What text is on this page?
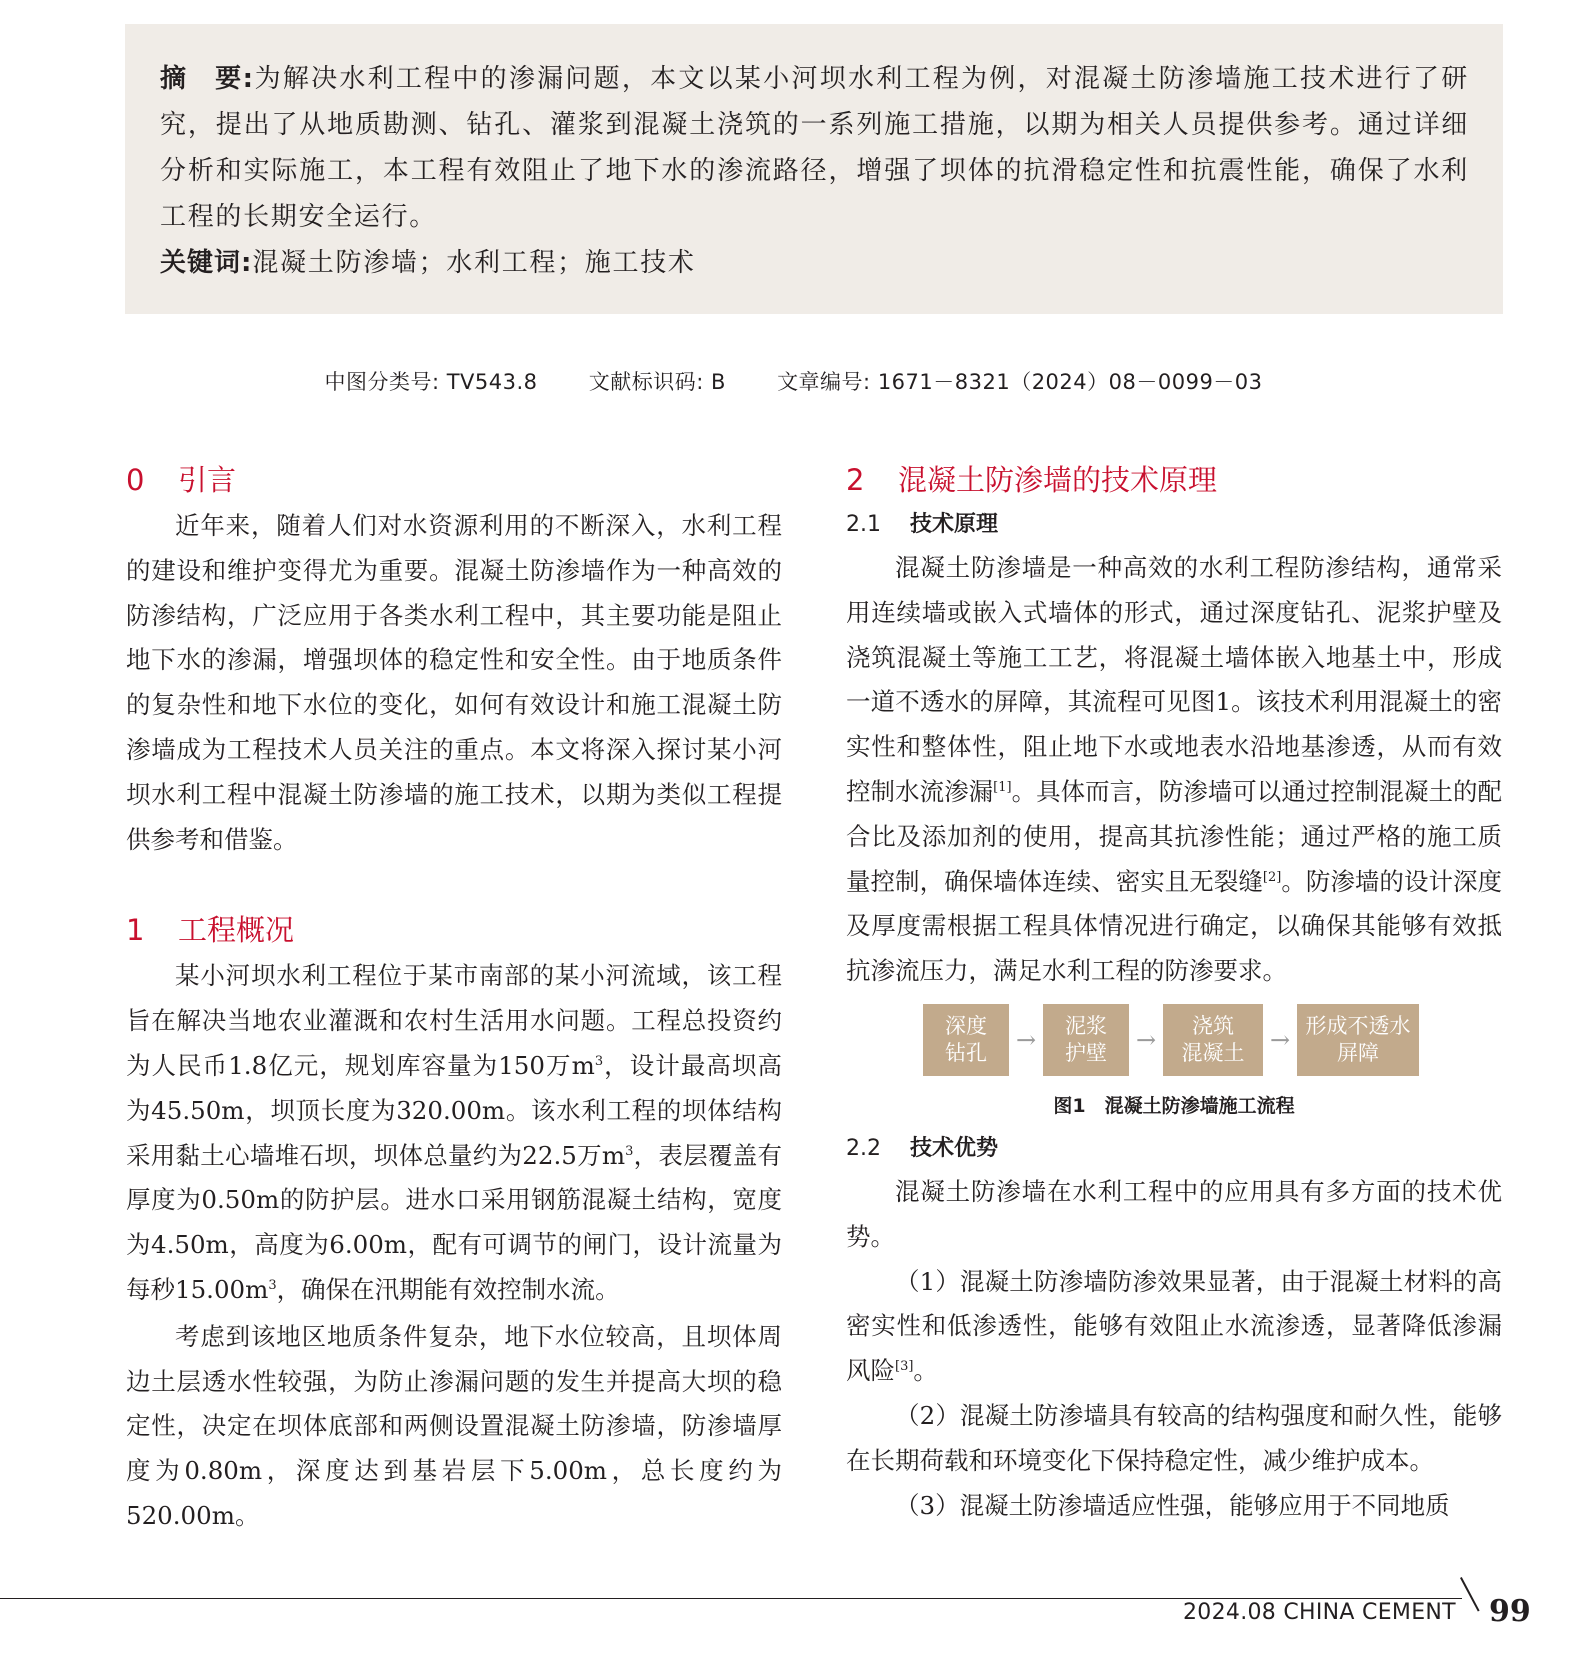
摘　要:为解决水利工程中的渗漏问题，本文以某小河坝水利工程为例，对混凝土防渗墙施工技术进行了研究，提出了从地质勘测、钻孔、灌浆到混凝土浇筑的一系列施工措施，以期为相关人员提供参考。通过详细分析和实际施工，本工程有效阻止了地下水的渗流路径，增强了坝体的抗滑稳定性和抗震性能，确保了水利工程的长期安全运行。

关键词:混凝土防渗墙；水利工程；施工技术

中图分类号: TV543.8 文献标识码: B 文章编号: 1671－8321（2024）08－0099－03
0 引言

近年来，随着人们对水资源利用的不断深入，水利工程的建设和维护变得尤为重要。混凝土防渗墙作为一种高效的防渗结构，广泛应用于各类水利工程中，其主要功能是阻止地下水的渗漏，增强坝体的稳定性和安全性。由于地质条件的复杂性和地下水位的变化，如何有效设计和施工混凝土防渗墙成为工程技术人员关注的重点。本文将深入探讨某小河坝水利工程中混凝土防渗墙的施工技术，以期为类似工程提供参考和借鉴。

1 工程概况

某小河坝水利工程位于某市南部的某小河流域，该工程旨在解决当地农业灌溉和农村生活用水问题。工程总投资约为人民币1.8亿元，规划库容量为150万$m^3$，设计最高坝高为45.50m，坝顶长度为320.00m。该水利工程的坝体结构采用黏土心墙堆石坝，坝体总量约为22.5万$m^3$，表层覆盖有厚度为0.50m的防护层。进水口采用钢筋混凝土结构，宽度为4.50m，高度为6.00m，配有可调节的闸门，设计流量为每秒$15.00m^3$，确保在汛期能有效控制水流。

考虑到该地区地质条件复杂，地下水位较高，且坝体周边土层透水性较强，为防止渗漏问题的发生并提高大坝的稳定性，决定在坝体底部和两侧设置混凝土防渗墙，防渗墙厚度为0.80m，深度达到基岩层下5.00m，总长度约为520.00m。

2 混凝土防渗墙的技术原理
2.1 技术原理

混凝土防渗墙是一种高效的水利工程防渗结构，通常采用连续墙或嵌入式墙体的形式，通过深度钻孔、泥浆护壁及浇筑混凝土等施工工艺，将混凝土墙体嵌入地基土中，形成一道不透水的屏障，其流程可见图1。该技术利用混凝土的密实性和整体性，阻止地下水或地表水沿地基渗透，从而有效控制水流渗漏[1]。具体而言，防渗墙可以通过控制混凝土的配合比及添加剂的使用，提高其抗渗性能；通过严格的施工质量控制，确保墙体连续、密实且无裂缝[2]。防渗墙的设计深度及厚度需根据工程具体情况进行确定，以确保其能够有效抵抗渗流压力，满足水利工程的防渗要求。

深度
钻孔 → 泥浆
护壁 →	浇筑
混凝土 → 形成不透水
屏障
图1　混凝土防渗墙施工流程
2.2 技术优势

混凝土防渗墙在水利工程中的应用具有多方面的技术优势。

（1）混凝土防渗墙防渗效果显著，由于混凝土材料的高密实性和低渗透性，能够有效阻止水流渗透，显著降低渗漏风险[3]。

（2）混凝土防渗墙具有较高的结构强度和耐久性，能够在长期荷载和环境变化下保持稳定性，减少维护成本。

（3）混凝土防渗墙适应性强，能够应用于不同地质

2024.08 CHINA CEMENT 99
